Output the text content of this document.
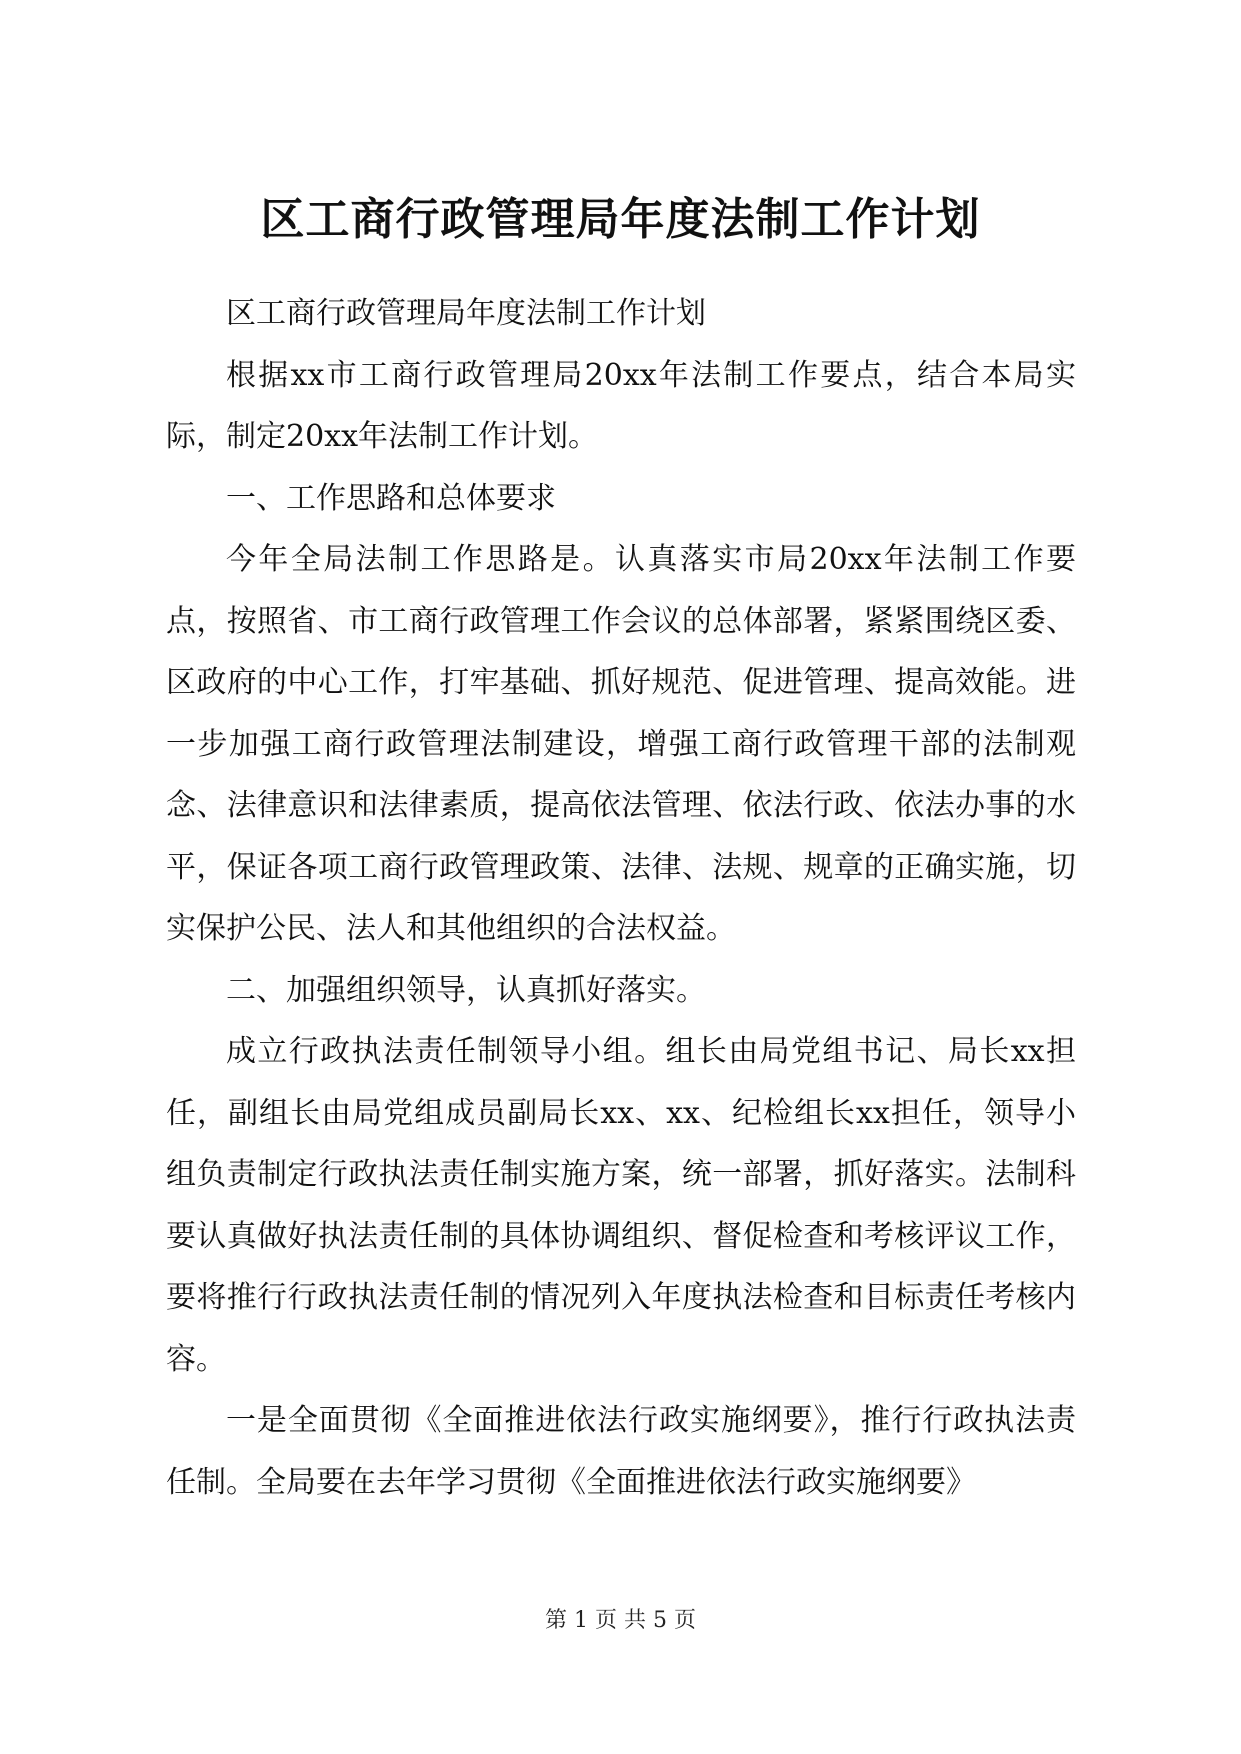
区工商行政管理局年度法制工作计划

区工商行政管理局年度法制工作计划

根据xx市工商行政管理局20xx年法制工作要点，结合本局实际，制定20xx年法制工作计划。

一、工作思路和总体要求

今年全局法制工作思路是。认真落实市局20xx年法制工作要点，按照省、市工商行政管理工作会议的总体部署，紧紧围绕区委、区政府的中心工作，打牢基础、抓好规范、促进管理、提高效能。进一步加强工商行政管理法制建设，增强工商行政管理干部的法制观念、法律意识和法律素质，提高依法管理、依法行政、依法办事的水平，保证各项工商行政管理政策、法律、法规、规章的正确实施，切实保护公民、法人和其他组织的合法权益。

二、加强组织领导，认真抓好落实。

成立行政执法责任制领导小组。组长由局党组书记、局长xx担任，副组长由局党组成员副局长xx、xx、纪检组长xx担任，领导小组负责制定行政执法责任制实施方案，统一部署，抓好落实。法制科要认真做好执法责任制的具体协调组织、督促检查和考核评议工作，要将推行行政执法责任制的情况列入年度执法检查和目标责任考核内容。

一是全面贯彻《全面推进依法行政实施纲要》，推行行政执法责任制。全局要在去年学习贯彻《全面推进依法行政实施纲要》

第 1 页 共 5 页
